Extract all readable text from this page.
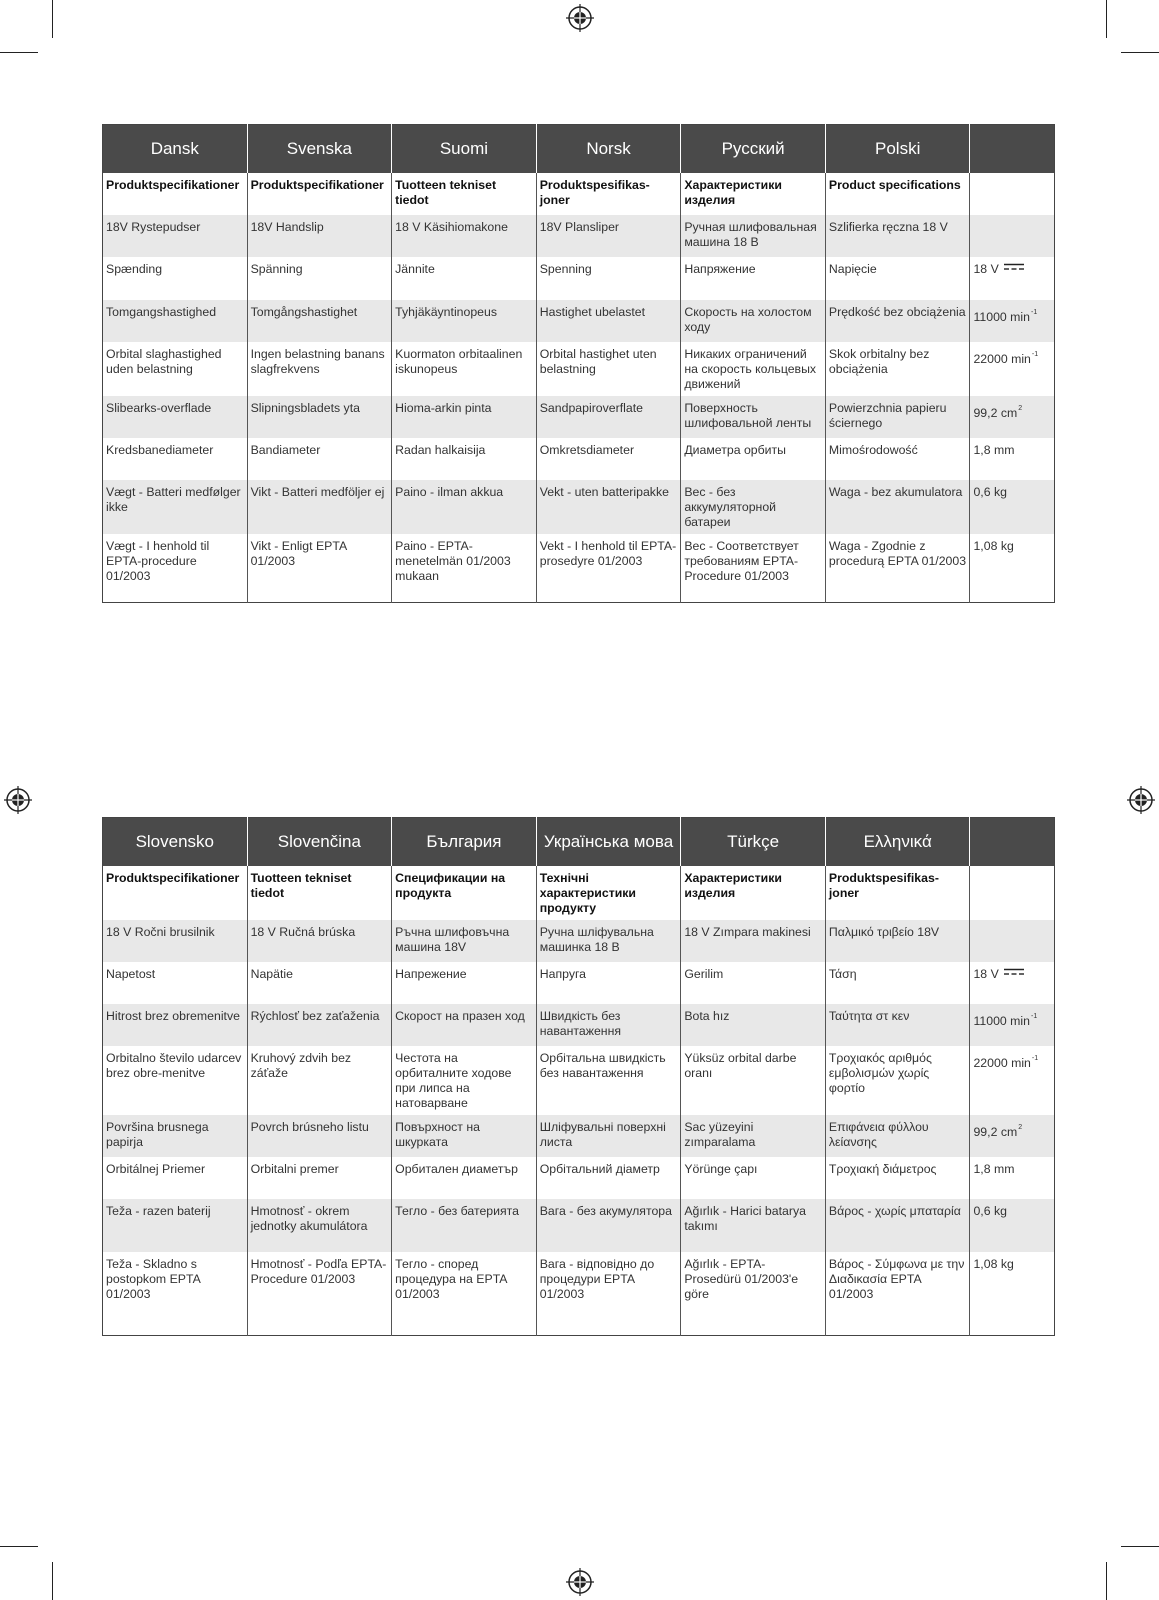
Dansk	Svenska	Suomi	Norsk	Русский	Polski	
Produktspecifikationer	Produktspecifikationer	Tuotteen tekniset tiedot	Produktspesifikas-joner	Характеристики изделия	Product specifications	
18V Rystepudser	18V Handslip	18 V Käsihiomakone	18V Plansliper	Ручная шлифовальная машина 18 В	Szlifierka ręczna 18 V	
Spænding	Spänning	Jännite	Spenning	Напряжение	Napięcie	18 V
Tomgangshastighed	Tomgångshastighet	Tyhjäkäyntinopeus	Hastighet ubelastet	Скорость на холостом ходу	Prędkość bez obciążenia	11000 $\min^{-1}$
Orbital slaghastighed uden belastning	Ingen belastning banans slagfrekvens	Kuormaton orbitaalinen iskunopeus	Orbital hastighet uten belastning	Никаких ограничений на скорость кольцевых движений	Skok orbitalny bez obciążenia	22000 $\min^{-1}$
Slibearks-overflade	Slipningsbladets yta	Hioma-arkin pinta	Sandpapiroverflate	Поверхность шлифовальной ленты	Powierzchnia papieru ściernego	99,2 $cm^2$
Kredsbanediameter	Bandiameter	Radan halkaisija	Omkretsdiameter	Диаметра орбиты	Mimośrodowość	1,8 mm
Vægt - Batteri medfølger ikke	Vikt - Batteri medföljer ej	Paino - ilman akkua	Vekt - uten batteripakke	Вес - без аккумуляторной батареи	Waga - bez akumulatora	0,6 kg
Vægt - I henhold til EPTA-procedure 01/2003	Vikt - Enligt EPTA 01/2003	Paino - EPTA-menetelmän 01/2003 mukaan	Vekt - I henhold til EPTA-prosedyre 01/2003	Вес - Соответствует требованиям EPTA-Procedure 01/2003	Waga - Zgodnie z procedurą EPTA 01/2003	1,08 kg
Slovensko	Slovenčina	България	Українська мова	Türkçe	Ελληνικά	
Produktspecifikationer	Tuotteen tekniset tiedot	Спецификации на продукта	Технічні характеристики продукту	Характеристики изделия	Produktspesifikas-joner	
18 V Ročni brusilnik	18 V Ručná brúska	Ръчна шлифовъчна машина 18V	Ручна шліфувальна машинка 18 В	18 V Zımpara makinesi	Παλμικό τριβείο 18V	
Napetost	Napätie	Напрежение	Напруга	Gerilim	Τάση	18 V
Hitrost brez obremenitve	Rýchlosť bez zaťaženia	Скорост на празен ход	Швидкість без навантаження	Bota hız	Ταύτητα στ κεν	11000 $\min^{-1}$
Orbitalno število udarcev brez obre-menitve	Kruhový zdvih bez záťaže	Честота на орбиталните ходове при липса на натоварване	Орбітальна швидкість без навантаження	Yüksüz orbital darbe oranı	Τροχιακός αριθμός εμβολισμών χωρίς φορτίο	22000 $\min^{-1}$
Površina brusnega papirja	Povrch brúsneho listu	Повърхност на шкурката	Шліфувальні поверхні листа	Sac yüzeyini zımparalama	Επιφάνεια φύλλου λείανσης	99,2 $cm^2$
Orbitálnej Priemer	Orbitalni premer	Орбитален диаметър	Орбітальний діаметр	Yörünge çapı	Τροχιακή διάμετρος	1,8 mm
Teža - razen baterij	Hmotnosť - okrem jednotky akumulátora	Тегло - без батерията	Вага - без акумулятора	Ağırlık - Harici batarya takımı	Βάρος - χωρίς μπαταρία	0,6 kg
Teža - Skladno s postopkom EPTA 01/2003	Hmotnosť - Podľa EPTA-Procedure 01/2003	Тегло - според процедура на EPTA 01/2003	Вага - відповідно до процедури EPTA 01/2003	Ağırlık - EPTA-Prosedürü 01/2003'e göre	Βάρος - Σύμφωνα με την Διαδικασία EPTA 01/2003	1,08 kg
